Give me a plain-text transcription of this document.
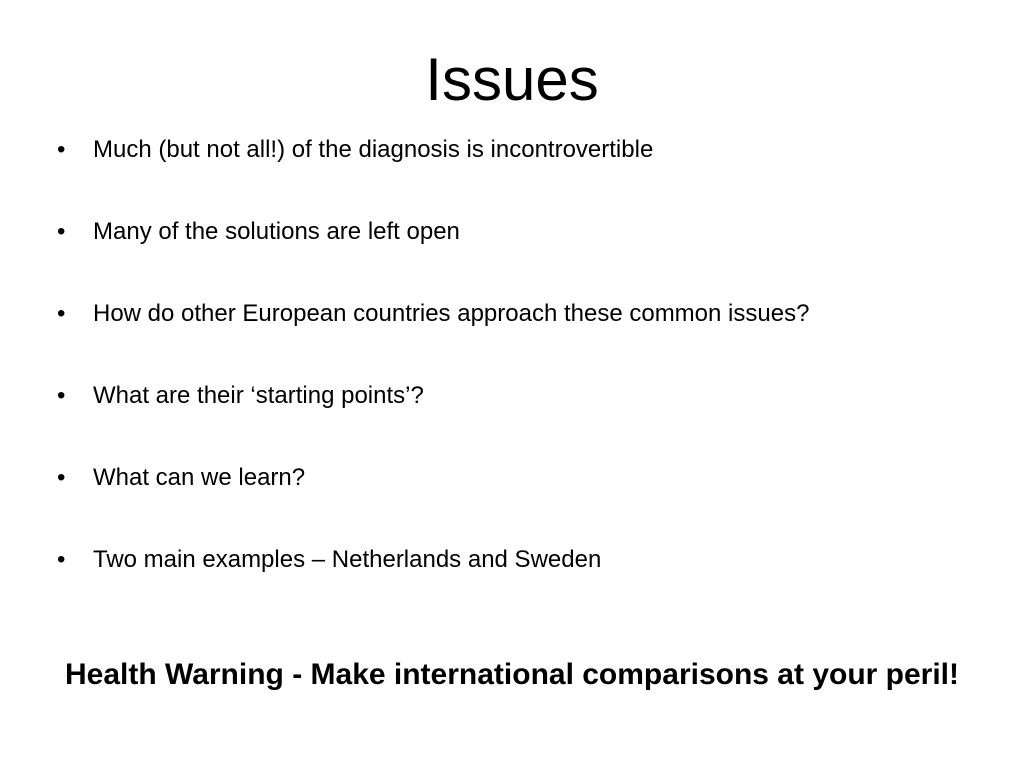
Issues
•	Much (but not all!) of the diagnosis is incontrovertible
•	Many of the solutions are left open
•	How do other European countries approach these common issues?
•	What are their ‘starting points’?
•	What can we learn?
•	Two main examples – Netherlands and Sweden

Health Warning - Make international comparisons at your peril!
